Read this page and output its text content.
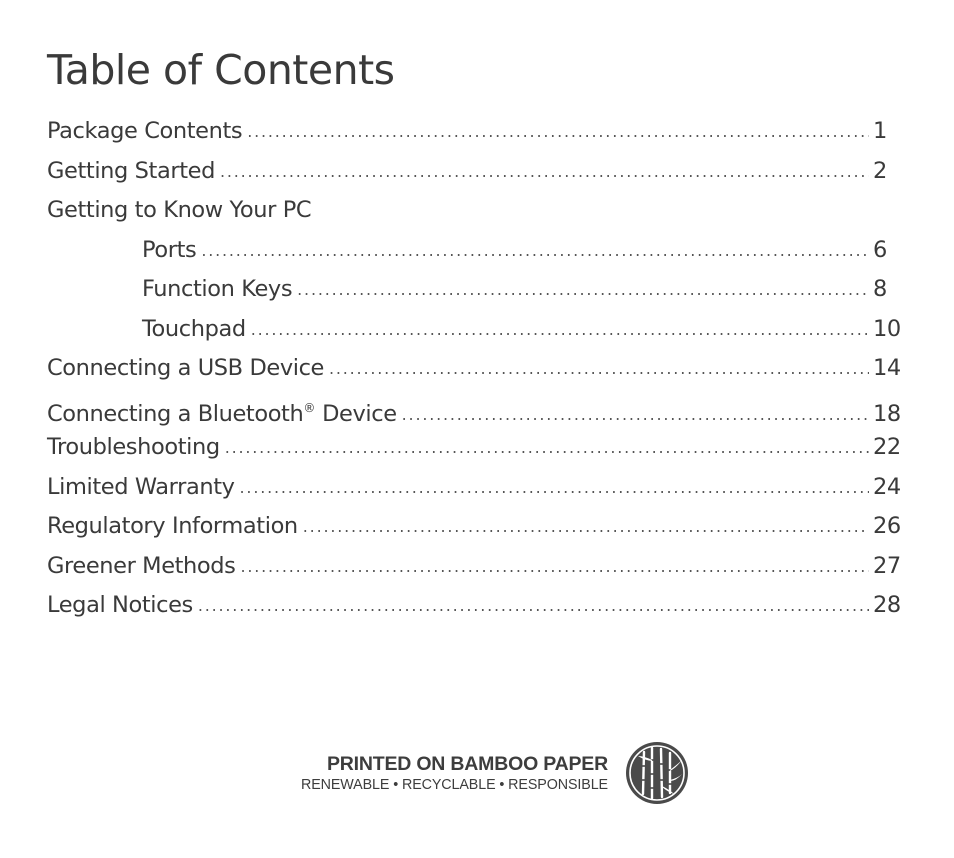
Table of Contents
Package Contents .....	1
Getting Started .....	2
Getting to Know Your PC
Ports .....	6
Function Keys .....	8
Touchpad .....	10
Connecting a USB Device .....	14
Connecting a Bluetooth® Device .....	18
Troubleshooting .....	22
Limited Warranty .....	24
Regulatory Information .....	26
Greener Methods .....	27
Legal Notices .....	28
PRINTED ON BAMBOO PAPER
RENEWABLE • RECYCLABLE • RESPONSIBLE
